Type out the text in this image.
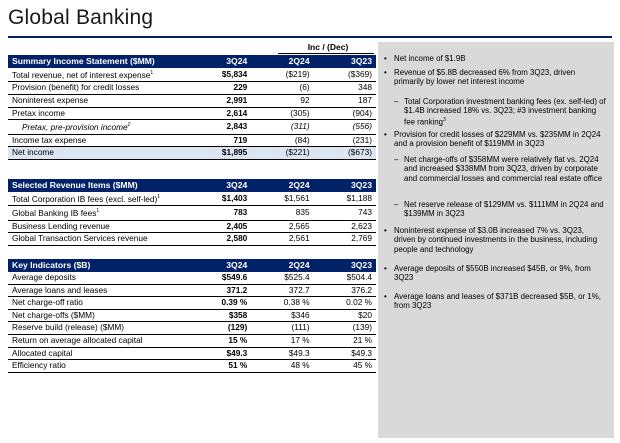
Global Banking
Inc / (Dec)
Summary Income Statement ($MM)	3Q24	2Q24	3Q23
Total revenue, net of interest expense$^1$	$5,834	($219)	($369)
Provision (benefit) for credit losses	229	(6)	348
Noninterest expense	2,991	92	187
Pretax income	2,614	(305)	(904)
Pretax, pre-provision income$^2$	2,843	(311)	(556)
Income tax expense	719	(84)	(231)
Net income	$1,895	($221)	($673)
Selected Revenue Items ($MM)	3Q24	2Q24	3Q23
Total Corporation IB fees (excl. self-led)$^1$	$1,403	$1,561	$1,188
Global Banking IB fees$^1$	783	835	743
Business Lending revenue	2,405	2,565	2,623
Global Transaction Services revenue	2,580	2,561	2,769
Key Indicators ($B)	3Q24	2Q24	3Q23
Average deposits	$549.6	$525.4	$504.4
Average loans and leases	371.2	372.7	376.2
Net charge-off ratio	0.39 %	0.38 %	0.02 %
Net charge-offs ($MM)	$358	$346	$20
Reserve build (release) ($MM)	(129)	(111)	(139)
Return on average allocated capital	15 %	17 %	21 %
Allocated capital	$49.3	$49.3	$49.3
Efficiency ratio	51 %	48 %	45 %
• Net income of $1.9B
• Revenue of $5.8B decreased 6% from 3Q23, driven primarily by lower net interest income
– Total Corporation investment banking fees (ex. self-led) of $1.4B increased 18% vs. 3Q23; #3 investment banking fee ranking$^3$
• Provision for credit losses of $229MM vs. $235MM in 2Q24 and a provision benefit of $119MM in 3Q23
– Net charge-offs of $358MM were relatively flat vs. 2Q24 and increased $338MM from 3Q23, driven by corporate and commercial losses and commercial real estate office
– Net reserve release of $129MM vs. $111MM in 2Q24 and $139MM in 3Q23
• Noninterest expense of $3.0B increased 7% vs. 3Q23, driven by continued investments in the business, including people and technology
• Average deposits of $550B increased $45B, or 9%, from 3Q23
• Average loans and leases of $371B decreased $5B, or 1%, from 3Q23
